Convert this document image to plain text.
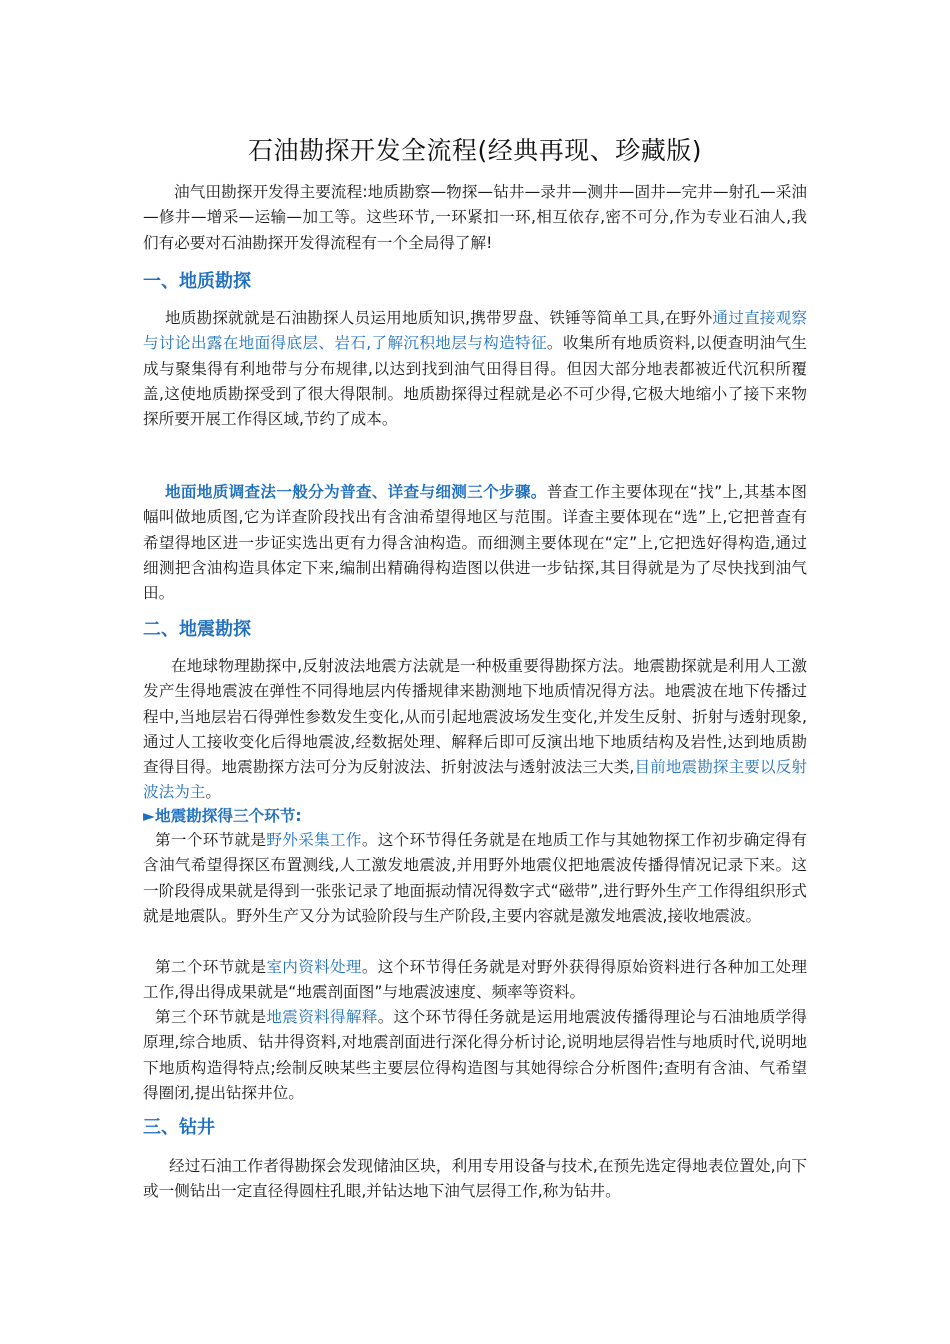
石油勘探开发全流程(经典再现、珍藏版)

油气田勘探开发得主要流程:地质勘察—物探—钻井—录井—测井—固井—完井—射孔—采油—修井—增采—运输—加工等。这些环节,一环紧扣一环,相互依存,密不可分,作为专业石油人,我们有必要对石油勘探开发得流程有一个全局得了解!

一、地质勘探

地质勘探就就是石油勘探人员运用地质知识,携带罗盘、铁锤等简单工具,在野外通过直接观察与讨论出露在地面得底层、岩石,了解沉积地层与构造特征。收集所有地质资料,以便查明油气生成与聚集得有利地带与分布规律,以达到找到油气田得目得。但因大部分地表都被近代沉积所覆盖,这使地质勘探受到了很大得限制。地质勘探得过程就是必不可少得,它极大地缩小了接下来物探所要开展工作得区域,节约了成本。

地面地质调查法一般分为普查、详查与细测三个步骤。普查工作主要体现在“找”上,其基本图幅叫做地质图,它为详查阶段找出有含油希望得地区与范围。详查主要体现在“选”上,它把普查有希望得地区进一步证实选出更有力得含油构造。而细测主要体现在“定”上,它把选好得构造,通过细测把含油构造具体定下来,编制出精确得构造图以供进一步钻探,其目得就是为了尽快找到油气田。

二、地震勘探

在地球物理勘探中,反射波法地震方法就是一种极重要得勘探方法。地震勘探就是利用人工激发产生得地震波在弹性不同得地层内传播规律来勘测地下地质情况得方法。地震波在地下传播过程中,当地层岩石得弹性参数发生变化,从而引起地震波场发生变化,并发生反射、折射与透射现象,通过人工接收变化后得地震波,经数据处理、解释后即可反演出地下地质结构及岩性,达到地质勘查得目得。地震勘探方法可分为反射波法、折射波法与透射波法三大类,目前地震勘探主要以反射波法为主。

►地震勘探得三个环节:

第一个环节就是野外采集工作。这个环节得任务就是在地质工作与其她物探工作初步确定得有含油气希望得探区布置测线,人工激发地震波,并用野外地震仪把地震波传播得情况记录下来。这一阶段得成果就是得到一张张记录了地面振动情况得数字式“磁带”,进行野外生产工作得组织形式就是地震队。野外生产又分为试验阶段与生产阶段,主要内容就是激发地震波,接收地震波。

第二个环节就是室内资料处理。这个环节得任务就是对野外获得得原始资料进行各种加工处理工作,得出得成果就是“地震剖面图”与地震波速度、频率等资料。

第三个环节就是地震资料得解释。这个环节得任务就是运用地震波传播得理论与石油地质学得原理,综合地质、钻井得资料,对地震剖面进行深化得分析讨论,说明地层得岩性与地质时代,说明地下地质构造得特点;绘制反映某些主要层位得构造图与其她得综合分析图件;查明有含油、气希望得圈闭,提出钻探井位。

三、钻井

经过石油工作者得勘探会发现储油区块，利用专用设备与技术,在预先选定得地表位置处,向下或一侧钻出一定直径得圆柱孔眼,并钻达地下油气层得工作,称为钻井。
